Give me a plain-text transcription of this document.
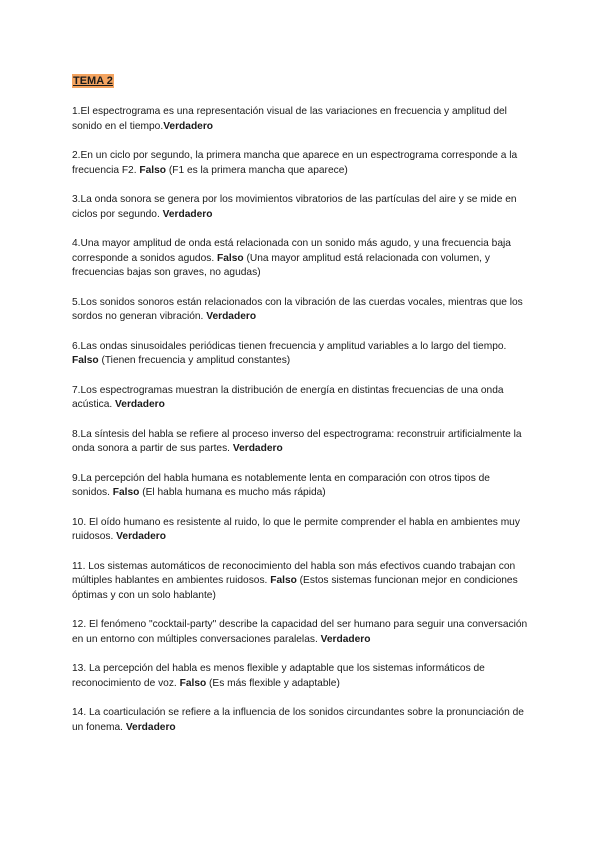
TEMA 2

1.El espectrograma es una representación visual de las variaciones en frecuencia y amplitud del sonido en el tiempo.Verdadero

2.En un ciclo por segundo, la primera mancha que aparece en un espectrograma corresponde a la frecuencia F2. Falso (F1 es la primera mancha que aparece)

3.La onda sonora se genera por los movimientos vibratorios de las partículas del aire y se mide en ciclos por segundo. Verdadero

4.Una mayor amplitud de onda está relacionada con un sonido más agudo, y una frecuencia baja corresponde a sonidos agudos. Falso (Una mayor amplitud está relacionada con volumen, y frecuencias bajas son graves, no agudas)

5.Los sonidos sonoros están relacionados con la vibración de las cuerdas vocales, mientras que los sordos no generan vibración. Verdadero

6.Las ondas sinusoidales periódicas tienen frecuencia y amplitud variables a lo largo del tiempo. Falso (Tienen frecuencia y amplitud constantes)

7.Los espectrogramas muestran la distribución de energía en distintas frecuencias de una onda acústica. Verdadero

8.La síntesis del habla se refiere al proceso inverso del espectrograma: reconstruir artificialmente la onda sonora a partir de sus partes. Verdadero

9.La percepción del habla humana es notablemente lenta en comparación con otros tipos de sonidos. Falso (El habla humana es mucho más rápida)

10. El oído humano es resistente al ruido, lo que le permite comprender el habla en ambientes muy ruidosos. Verdadero

11. Los sistemas automáticos de reconocimiento del habla son más efectivos cuando trabajan con múltiples hablantes en ambientes ruidosos. Falso (Estos sistemas funcionan mejor en condiciones óptimas y con un solo hablante)

12. El fenómeno "cocktail-party" describe la capacidad del ser humano para seguir una conversación en un entorno con múltiples conversaciones paralelas. Verdadero

13. La percepción del habla es menos flexible y adaptable que los sistemas informáticos de reconocimiento de voz. Falso (Es más flexible y adaptable)

14. La coarticulación se refiere a la influencia de los sonidos circundantes sobre la pronunciación de un fonema. Verdadero
